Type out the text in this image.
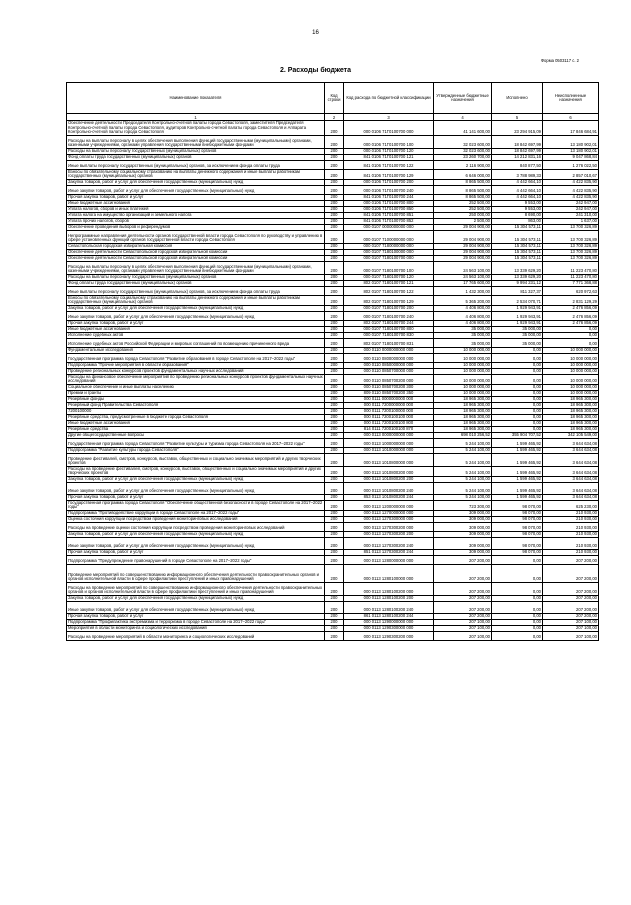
16
Форма 0503117 с. 2
2. Расходы бюджета
Наименование показателя	Код строки	Код расхода по бюджетной классификации	Утвержденные бюджетные назначения	Исполнено	Неисполненные назначения
1	2	3	4	5	6
Обеспечение деятельности Председателя Контрольно-счетной палаты города Севастополя, заместителя Председателя Контрольно-счетной палаты города Севастополя, аудиторов Контрольно-счетной палаты города Севастополя и Аппарата Контрольно-счетной палаты города Севастополя	200	000 0106 71Г0100700 000	41 141 600,00	23 294 915,09	17 846 684,91
Расходы на выплаты персоналу в целях обеспечения выполнения функций государственными (муниципальными) органами, казенными учреждениями, органами управления государственными внебюджетными фондами	200	000 0106 71Г0100700 100	32 023 600,00	18 842 697,99	13 180 902,01
Расходы на выплаты персоналу государственных (муниципальных) органов	200	000 0106 71Г0100700 120	32 023 600,00	18 842 697,99	13 180 902,01
Фонд оплаты труда государственных (муниципальных) органов	200	841 0106 71Г0100700 121	23 260 700,00	14 212 831,16	9 047 868,84
Иные выплаты персоналу государственных (муниципальных) органов, за исключением фонда оплаты труда	200	841 0106 71Г0100700 122	2 116 900,00	840 877,50	1 276 022,50
Взносы по обязательному социальному страхованию на выплаты денежного содержания и иные выплаты работникам государственных (муниципальных) органов	200	841 0106 71Г0100700 129	6 646 000,00	3 788 989,33	2 857 010,67
Закупка товаров, работ и услуг для обеспечения государственных (муниципальных) нужд	200	000 0106 71Г0100700 200	8 865 500,00	4 442 664,10	4 422 835,90
Иные закупки товаров, работ и услуг для обеспечения государственных (муниципальных) нужд	200	000 0106 71Г0100700 240	8 865 500,00	4 442 664,10	4 422 835,90
Прочая закупка товаров, работ и услуг	200	841 0106 71Г0100700 244	8 865 500,00	4 442 664,10	4 422 835,90
Иные бюджетные ассигнования	200	000 0106 71Г0100700 800	252 500,00	9 553,00	242 947,00
Уплата налогов, сборов и иных платежей	200	000 0106 71Г0100700 850	252 500,00	9 553,00	242 947,00
Уплата налога на имущество организаций и земельного налога	200	841 0106 71Г0100700 851	250 000,00	8 690,00	241 310,00
Уплата прочих налогов, сборов	200	841 0106 71Г0100700 852	2 500,00	863,00	1 637,00
Обеспечение проведения выборов и референдумов	200	000 0107 0000000000 000	29 004 900,00	15 304 573,11	13 700 326,89
Непрограммные направления деятельности органов государственной власти города Севастополя по руководству и управлению в сфере установленных функций органов государственной власти города Севастополя	200	000 0107 7100000000 000	29 004 900,00	15 304 573,11	13 700 326,89
Севастопольская городская избирательная комиссия	200	000 0107 7180000000 000	29 004 900,00	15 304 573,11	13 700 326,89
Обеспечение деятельности Севастопольской городской избирательной комиссии	200	000 0107 7180100000 000	29 004 900,00	15 304 573,11	13 700 326,89
Обеспечение деятельности Севастопольской городской избирательной комиссии	200	000 0107 7180100700 000	29 004 900,00	15 304 573,11	13 700 326,89
Расходы на выплаты персоналу в целях обеспечения выполнения функций государственными (муниципальными) органами, казенными учреждениями, органами управления государственными внебюджетными фондами	200	000 0107 7180100700 100	24 563 100,00	13 339 629,20	11 223 470,80
Расходы на выплаты персоналу государственных (муниципальных) органов	200	000 0107 7180100700 120	24 563 100,00	13 339 629,20	11 223 470,80
Фонд оплаты труда государственных (муниципальных) органов	200	802 0107 7180100700 121	17 765 600,00	9 994 231,12	7 771 368,88
Иные выплаты персоналу государственных (муниципальных) органов, за исключением фонда оплаты труда	200	802 0107 7180100700 122	1 432 300,00	811 327,37	620 972,63
Взносы по обязательному социальному страхованию на выплаты денежного содержания и иные выплаты работникам государственных (муниципальных) органов	200	802 0107 7180100700 129	5 365 200,00	2 534 070,71	2 831 129,29
Закупка товаров, работ и услуг для обеспечения государственных (муниципальных) нужд	200	000 0107 7180100700 200	4 406 800,00	1 929 943,91	2 476 856,09
Иные закупки товаров, работ и услуг для обеспечения государственных (муниципальных) нужд	200	000 0107 7180100700 240	4 406 800,00	1 929 943,91	2 476 856,09
Прочая закупка товаров, работ и услуг	200	802 0107 7180100700 244	4 406 800,00	1 929 943,91	2 476 856,09
Иные бюджетные ассигнования	200	000 0107 7180100700 800	35 000,00	35 000,00	0,00
Исполнение судебных актов	200	000 0107 7180100700 830	35 000,00	35 000,00	0,00
Исполнение судебных актов Российской Федерации и мировых соглашений по возмещению причиненного вреда	200	802 0107 7180100700 831	35 000,00	35 000,00	0,00
Фундаментальные исследования	200	000 0110 0000000000 000	10 000 000,00	0,00	10 000 000,00
Государственная программа города Севастополя "Развитие образования в городе Севастополе на 2017–2022 годы"	200	000 0110 0800000000 000	10 000 000,00	0,00	10 000 000,00
Подпрограмма "Прочие мероприятия в области образования"	200	000 0110 0850000000 000	10 000 000,00	0,00	10 000 000,00
Проведение региональных конкурсов проектов фундаментальных научных исследований	200	000 0110 0850700000 000	10 000 000,00	0,00	10 000 000,00
Расходы на финансовое обеспечение мероприятий по проведению региональных конкурсов проектов фундаментальных научных исследований	200	000 0110 0850700200 000	10 000 000,00	0,00	10 000 000,00
Социальное обеспечение и иные выплаты населению	200	000 0110 0850700200 300	10 000 000,00	0,00	10 000 000,00
Премии и гранты	200	809 0110 0850700200 350	10 000 000,00	0,00	10 000 000,00
Резервные фонды	200	000 0111 0000000000 000	18 965 300,00	0,00	18 965 300,00
Резервный фонд Правительства Севастополя	200	000 0111 7200000000 000	18 965 300,00	0,00	18 965 300,00
7200100000	200	000 0111 7200100000 000	18 965 300,00	0,00	18 965 300,00
Резервные средства, предусмотренные в бюджете города Севастополя	200	000 0111 7200100100 000	18 965 300,00	0,00	18 965 300,00
Иные бюджетные ассигнования	200	000 0111 7200100100 800	18 965 300,00	0,00	18 965 300,00
Резервные средства	200	814 0111 7200100100 870	18 965 300,00	0,00	18 965 300,00
Другие общегосударственные вопросы	200	000 0113 0000000000 000	698 010 256,52	355 904 707,52	342 105 549,00
Государственная программа города Севастополя "Развитие культуры и туризма города Севастополя на 2017–2022 годы"	200	000 0113 1000000000 000	5 244 100,00	1 599 465,92	3 644 634,08
Подпрограмма "Развитие культуры города Севастополя"	200	000 0113 1010000000 000	5 244 100,00	1 599 465,92	3 644 634,08
Проведение фестивалей, смотров, конкурсов, выставок, общественных и социально значимых мероприятий и других творческих проектов	200	000 0113 1010800000 000	5 244 100,00	1 599 465,92	3 644 634,08
Расходы на проведение фестивалей, смотров, конкурсов, выставок, общественных и социально значимых мероприятий и других творческих проектов	200	000 0113 1010800200 000	5 244 100,00	1 599 465,92	3 644 634,08
Закупка товаров, работ и услуг для обеспечения государственных (муниципальных) нужд	200	000 0113 1010800200 200	5 244 100,00	1 599 465,92	3 644 634,08
Иные закупки товаров, работ и услуг для обеспечения государственных (муниципальных) нужд	200	000 0113 1010800200 240	5 244 100,00	1 599 465,92	3 644 634,08
Прочая закупка товаров, работ и услуг	200	853 0113 1010800200 244	5 244 100,00	1 599 465,92	3 644 634,08
Государственная программа города Севастополя "Обеспечение общественной безопасности в городе Севастополе на 2017–2022 годы"	200	000 0113 1200000000 000	723 300,00	98 070,00	625 230,00
Подпрограмма "Противодействие коррупции в городе Севастополе на 2017–2022 годы"	200	000 0113 1270000000 000	309 000,00	98 070,00	210 930,00
Оценка состояния коррупции посредством проведения мониторинговых исследований	200	000 0113 1270300000 000	309 000,00	98 070,00	210 930,00
Расходы на проведение оценки состояния коррупции посредством проведения мониторинговых исследований	200	000 0113 1270300200 000	309 000,00	98 070,00	210 930,00
Закупка товаров, работ и услуг для обеспечения государственных (муниципальных) нужд	200	000 0113 1270300200 200	309 000,00	98 070,00	210 930,00
Иные закупки товаров, работ и услуг для обеспечения государственных (муниципальных) нужд	200	000 0113 1270300200 240	309 000,00	98 070,00	210 930,00
Прочая закупка товаров, работ и услуг	200	851 0113 1270300200 244	309 000,00	98 070,00	210 930,00
Подпрограмма "Предупреждение правонарушений в городе Севастополе на 2017–2022 годы"	200	000 0113 1280000000 000	207 200,00	0,00	207 200,00
Проведение мероприятий по совершенствованию информационного обеспечения деятельности правоохранительных органов и органов исполнительной власти в сфере профилактики преступлений и иных правонарушений	200	000 0113 1280100000 000	207 200,00	0,00	207 200,00
Расходы на проведение мероприятий по совершенствованию информационного обеспечения деятельности правоохранительных органов и органов исполнительной власти в сфере профилактики преступлений и иных правонарушений	200	000 0113 1280100200 000	207 200,00	0,00	207 200,00
Закупка товаров, работ и услуг для обеспечения государственных (муниципальных) нужд	200	000 0113 1280100200 200	207 200,00	0,00	207 200,00
Иные закупки товаров, работ и услуг для обеспечения государственных (муниципальных) нужд	200	000 0113 1280100200 240	207 200,00	0,00	207 200,00
Прочая закупка товаров, работ и услуг	200	861 0113 1280100200 244	207 200,00	0,00	207 200,00
Подпрограмма "Профилактика экстремизма и терроризма в городе Севастополе на 2017–2022 годы"	200	000 0113 1290000000 000	207 100,00	0,00	207 100,00
Мероприятия в области мониторинга и социологических исследований	200	000 0113 1290300000 000	207 100,00	0,00	207 100,00
Расходы на проведение мероприятий в области мониторинга и социологических исследований	200	000 0113 1290300200 000	207 100,00	0,00	207 100,00
